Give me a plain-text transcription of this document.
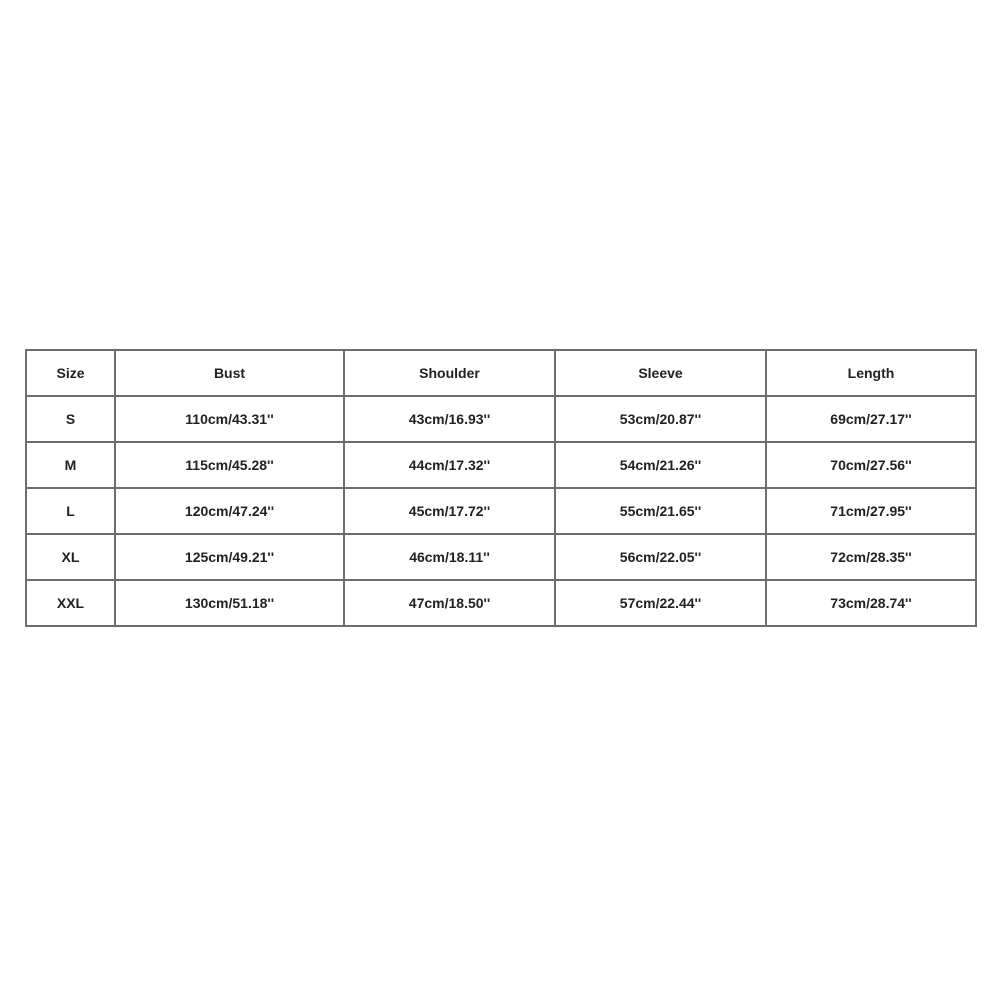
Size	Bust	Shoulder	Sleeve	Length
S	110cm/43.31''	43cm/16.93''	53cm/20.87''	69cm/27.17''
M	115cm/45.28''	44cm/17.32''	54cm/21.26''	70cm/27.56''
L	120cm/47.24''	45cm/17.72''	55cm/21.65''	71cm/27.95''
XL	125cm/49.21''	46cm/18.11''	56cm/22.05''	72cm/28.35''
XXL	130cm/51.18''	47cm/18.50''	57cm/22.44''	73cm/28.74''
